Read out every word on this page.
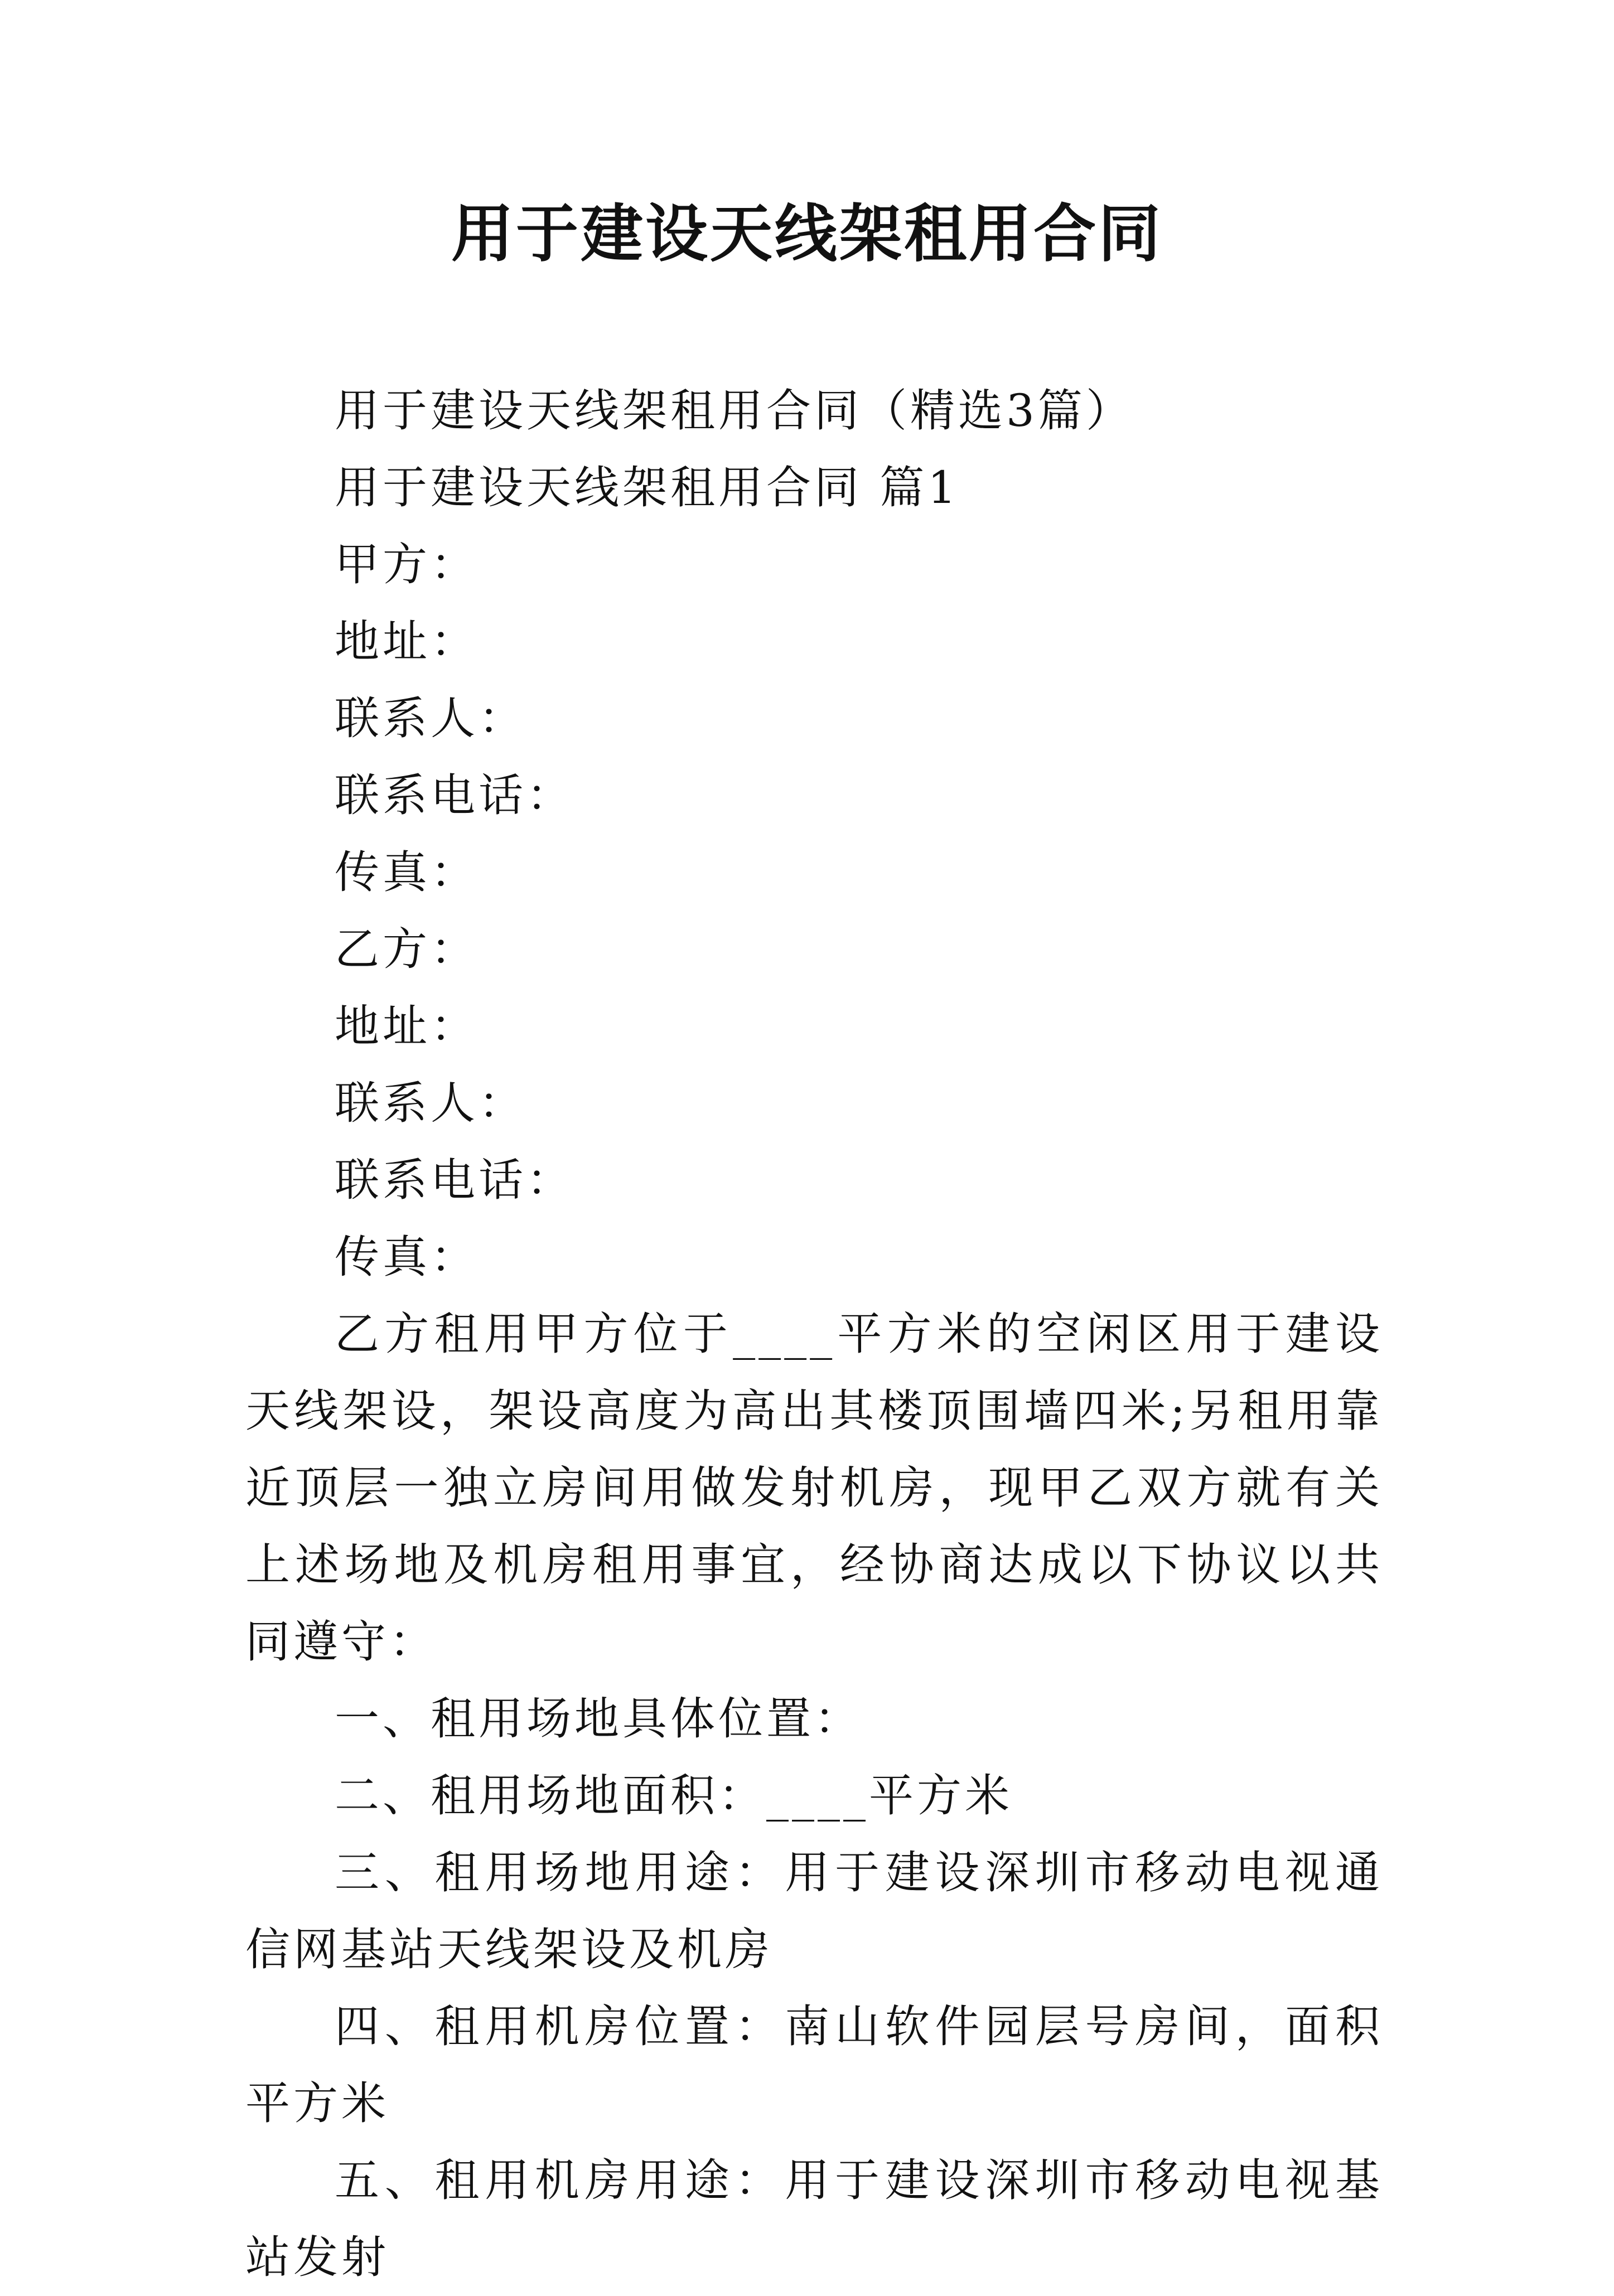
用于建设天线架租用合同

用于建设天线架租用合同（精选3篇）

用于建设天线架租用合同 篇1

甲方：

地址：

联系人：

联系电话：

传真：

乙方：

地址：

联系人：

联系电话：

传真：

乙方租用甲方位于____平方米的空闲区用于建设天线架设，架设高度为高出其楼顶围墙四米;另租用靠近顶层一独立房间用做发射机房，现甲乙双方就有关上述场地及机房租用事宜，经协商达成以下协议以共同遵守：

一、租用场地具体位置：

二、租用场地面积：____平方米

三、租用场地用途：用于建设深圳市移动电视通信网基站天线架设及机房

四、租用机房位置：南山软件园层号房间，面积平方米

五、租用机房用途：用于建设深圳市移动电视基站发射
